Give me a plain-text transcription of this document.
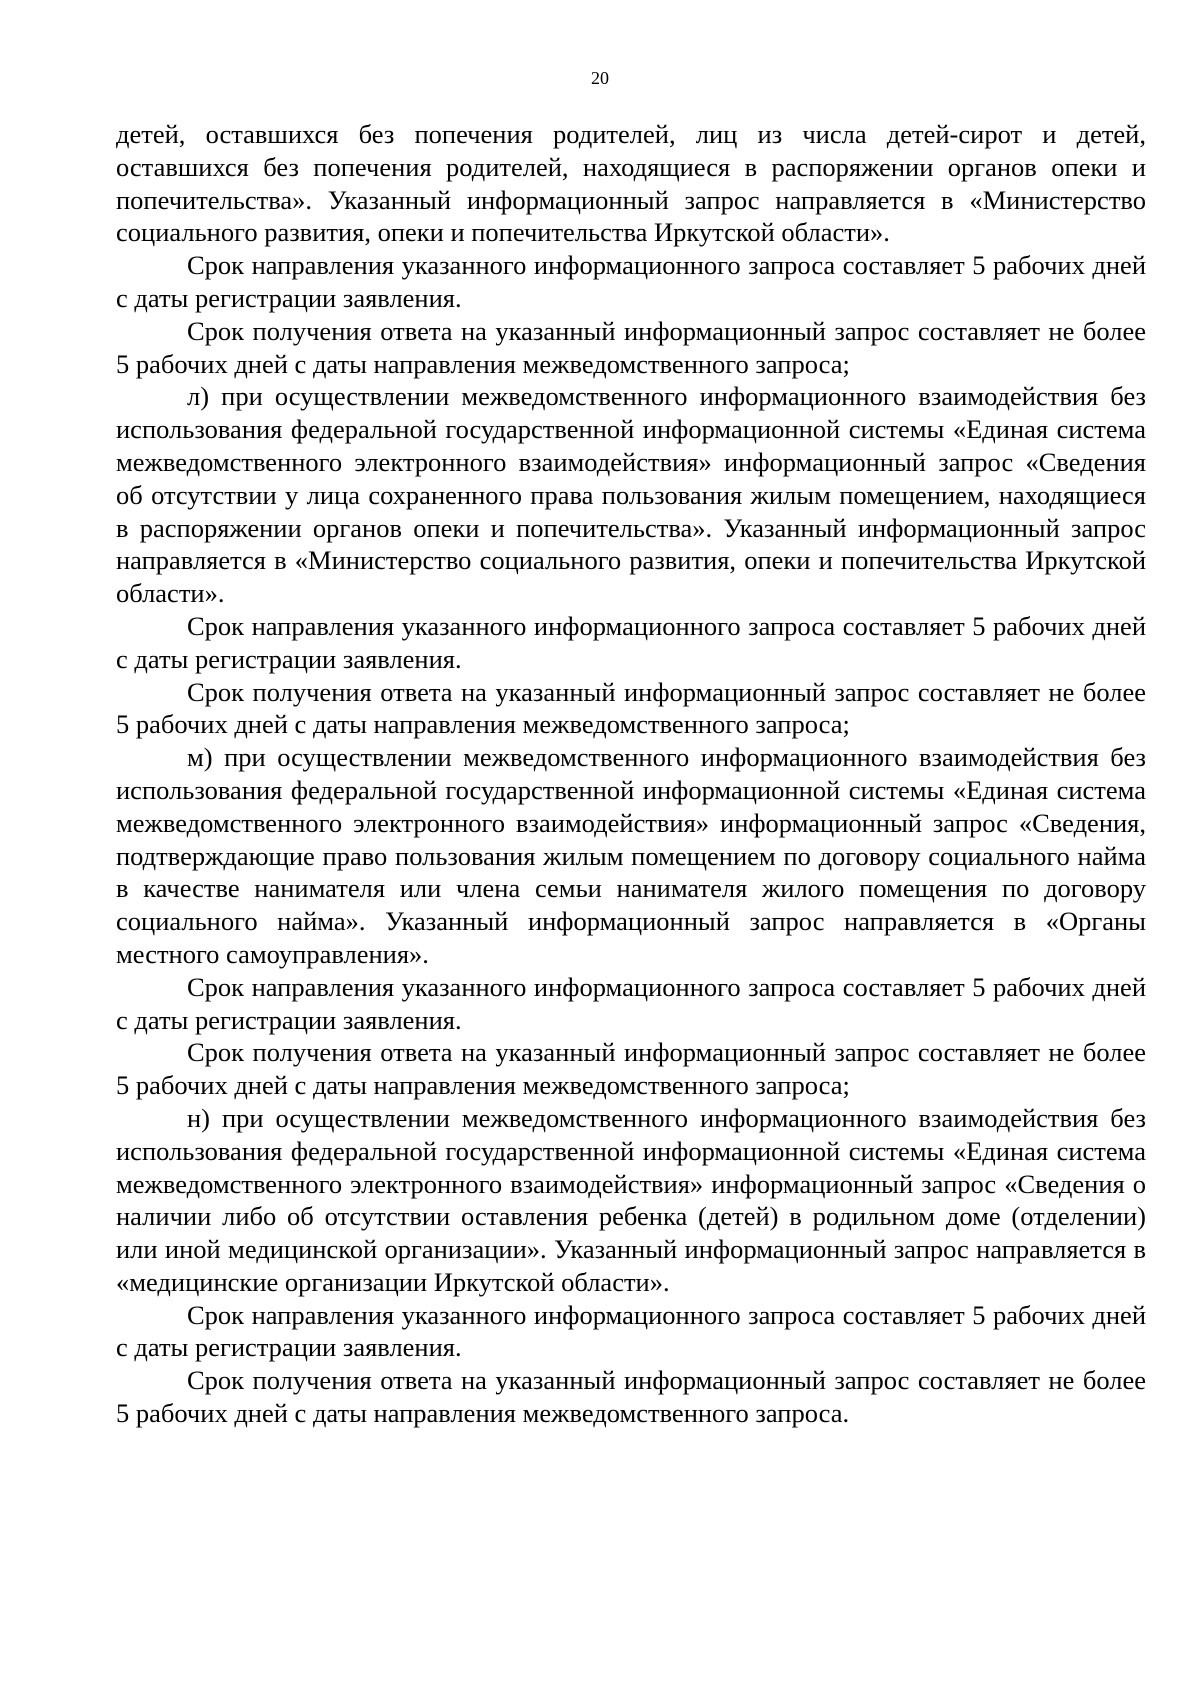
20

детей, оставшихся без попечения родителей, лиц из числа детей-сирот и детей, оставшихся без попечения родителей, находящиеся в распоряжении органов опеки и попечительства». Указанный информационный запрос направляется в «Министерство социального развития, опеки и попечительства Иркутской области».

Срок направления указанного информационного запроса составляет 5 рабочих дней с даты регистрации заявления.

Срок получения ответа на указанный информационный запрос составляет не более 5 рабочих дней с даты направления межведомственного запроса;

л) при осуществлении межведомственного информационного взаимодействия без использования федеральной государственной информационной системы «Единая система межведомственного электронного взаимодействия» информационный запрос «Сведения об отсутствии у лица сохраненного права пользования жилым помещением, находящиеся в распоряжении органов опеки и попечительства». Указанный информационный запрос направляется в «Министерство социального развития, опеки и попечительства Иркутской области».

Срок направления указанного информационного запроса составляет 5 рабочих дней с даты регистрации заявления.

Срок получения ответа на указанный информационный запрос составляет не более 5 рабочих дней с даты направления межведомственного запроса;

м) при осуществлении межведомственного информационного взаимодействия без использования федеральной государственной информационной системы «Единая система межведомственного электронного взаимодействия» информационный запрос «Сведения, подтверждающие право пользования жилым помещением по договору социального найма в качестве нанимателя или члена семьи нанимателя жилого помещения по договору социального найма». Указанный информационный запрос направляется в «Органы местного самоуправления».

Срок направления указанного информационного запроса составляет 5 рабочих дней с даты регистрации заявления.

Срок получения ответа на указанный информационный запрос составляет не более 5 рабочих дней с даты направления межведомственного запроса;

н) при осуществлении межведомственного информационного взаимодействия без использования федеральной государственной информационной системы «Единая система межведомственного электронного взаимодействия» информационный запрос «Сведения о наличии либо об отсутствии оставления ребенка (детей) в родильном доме (отделении) или иной медицинской организации». Указанный информационный запрос направляется в «медицинские организации Иркутской области».

Срок направления указанного информационного запроса составляет 5 рабочих дней с даты регистрации заявления.

Срок получения ответа на указанный информационный запрос составляет не более 5 рабочих дней с даты направления межведомственного запроса.
